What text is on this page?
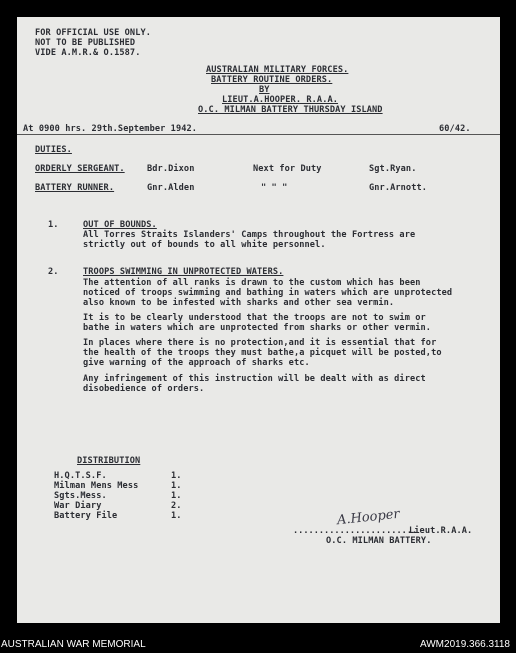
FOR OFFICIAL USE ONLY.
NOT TO BE PUBLISHED
VIDE A.M.R.& O.1587.
AUSTRALIAN MILITARY FORCES.
BATTERY ROUTINE ORDERS.
BY
LIEUT.A.HOOPER. R.A.A.
O.C. MILMAN BATTERY THURSDAY ISLAND
At 0900 hrs. 29th.September 1942.	60/42.
DUTIES.
ORDERLY SERGEANT.	Bdr.Dixon	Next for Duty	Sgt.Ryan.
BATTERY RUNNER.	Gnr.Alden	" " "	Gnr.Arnott.
1.	OUT OF BOUNDS.
All Torres Straits Islanders' Camps throughout the Fortress are
strictly out of bounds to all white personnel.
2.	TROOPS SWIMMING IN UNPROTECTED WATERS.
The attention of all ranks is drawn to the custom which has been
noticed of troops swimming and bathing in waters which are unprotected
also known to be infested with sharks and other sea vermin.
It is to be clearly understood that the troops are not to swim or
bathe in waters which are unprotected from sharks or other vermin.
In places where there is no protection,and it is essential that for
the health of the troops they must bathe,a picquet will be posted,to
give warning of the approach of sharks etc.
Any infringement of this instruction will be dealt with as direct
disobedience of orders.
DISTRIBUTION
H.Q.T.S.F.	1.
Milman Mens Mess	1.
Sgts.Mess.	1.
War Diary	2.
Battery File	1.
........................
A.Hooper
Lieut.R.A.A.
O.C. MILMAN BATTERY.
AUSTRALIAN WAR MEMORIAL	AWM2019.366.3118
